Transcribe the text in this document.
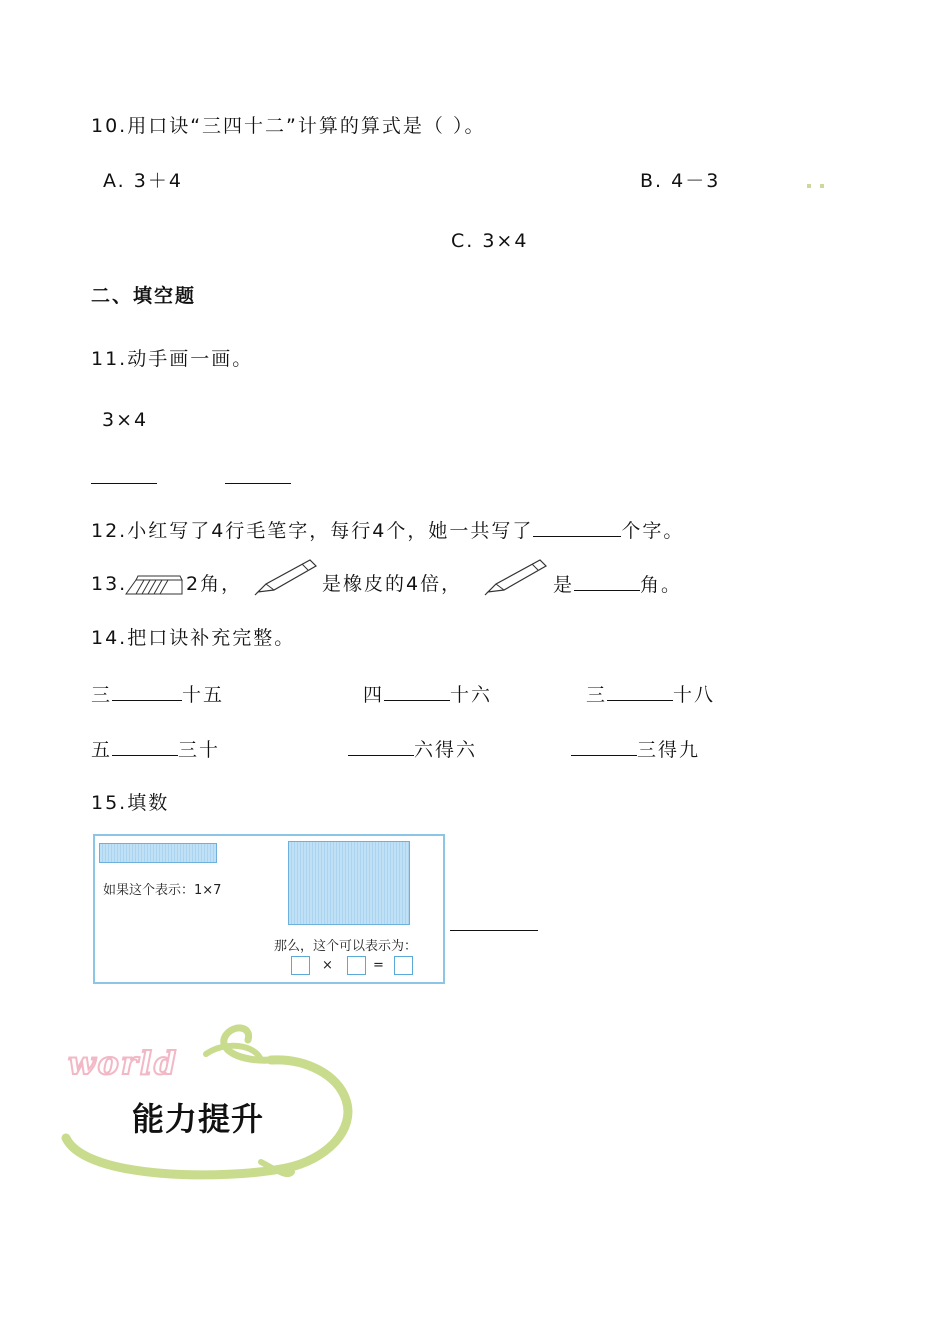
10.用口诀“三四十二”计算的算式是（ ）。
A. 3＋4	B. 4－3
C. 3×4
二、填空题
11.动手画一画。
3×4
12.小红写了4行毛笔字，每行4个，她一共写了	个字。
13.	2角，	是橡皮的4倍，	是	角。
14.把口诀补充完整。
三	十五	四	十六	三	十八
五	三十	六得六	三得九
15.填数
如果这个表示：1×7
那么，这个可以表示为：
×	=
world
能力提升
